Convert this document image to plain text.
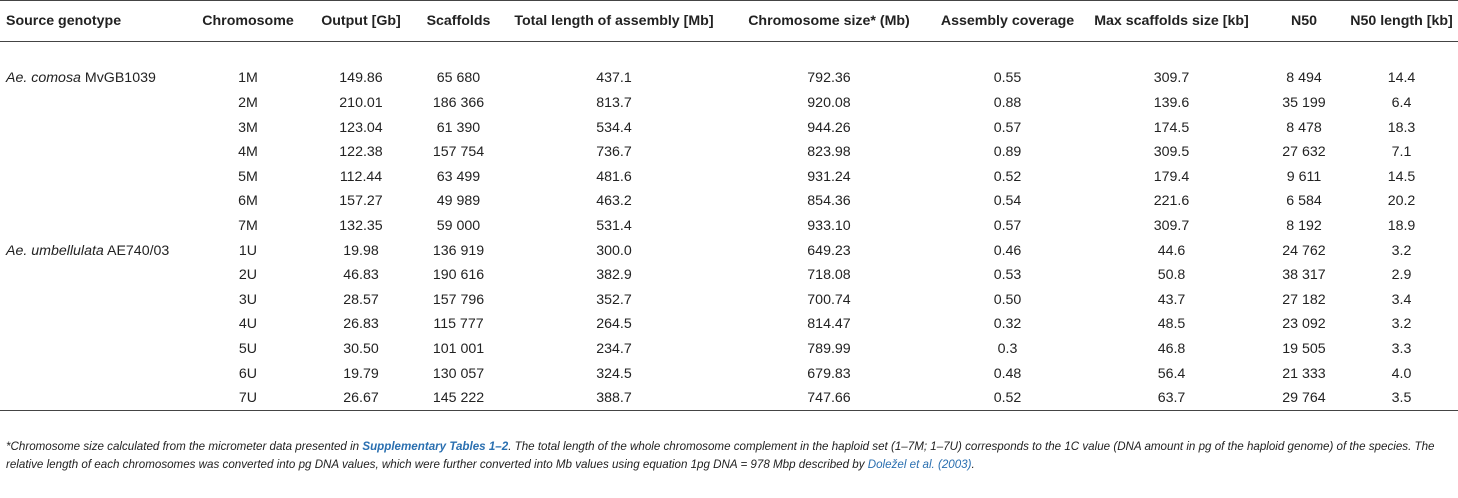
Source genotype	Chromosome	Output [Gb]	Scaffolds	Total length of assembly [Mb]	Chromosome size* (Mb)	Assembly coverage	Max scaffolds size [kb]	N50	N50 length [kb]

Ae. comosa MvGB1039	1M	149.86	65 680	437.1	792.36	0.55	309.7	8 494	14.4
	2M	210.01	186 366	813.7	920.08	0.88	139.6	35 199	6.4
	3M	123.04	61 390	534.4	944.26	0.57	174.5	8 478	18.3
	4M	122.38	157 754	736.7	823.98	0.89	309.5	27 632	7.1
	5M	112.44	63 499	481.6	931.24	0.52	179.4	9 611	14.5
	6M	157.27	49 989	463.2	854.36	0.54	221.6	6 584	20.2
	7M	132.35	59 000	531.4	933.10	0.57	309.7	8 192	18.9
Ae. umbellulata AE740/03	1U	19.98	136 919	300.0	649.23	0.46	44.6	24 762	3.2
	2U	46.83	190 616	382.9	718.08	0.53	50.8	38 317	2.9
	3U	28.57	157 796	352.7	700.74	0.50	43.7	27 182	3.4
	4U	26.83	115 777	264.5	814.47	0.32	48.5	23 092	3.2
	5U	30.50	101 001	234.7	789.99	0.3	46.8	19 505	3.3
	6U	19.79	130 057	324.5	679.83	0.48	56.4	21 333	4.0
	7U	26.67	145 222	388.7	747.66	0.52	63.7	29 764	3.5
*Chromosome size calculated from the micrometer data presented in Supplementary Tables 1–2. The total length of the whole chromosome complement in the haploid set (1–7M; 1–7U) corresponds to the 1C value (DNA amount in pg of the haploid genome) of the species. The relative length of each chromosomes was converted into pg DNA values, which were further converted into Mb values using equation 1pg DNA = 978 Mbp described by Doležel et al. (2003).
